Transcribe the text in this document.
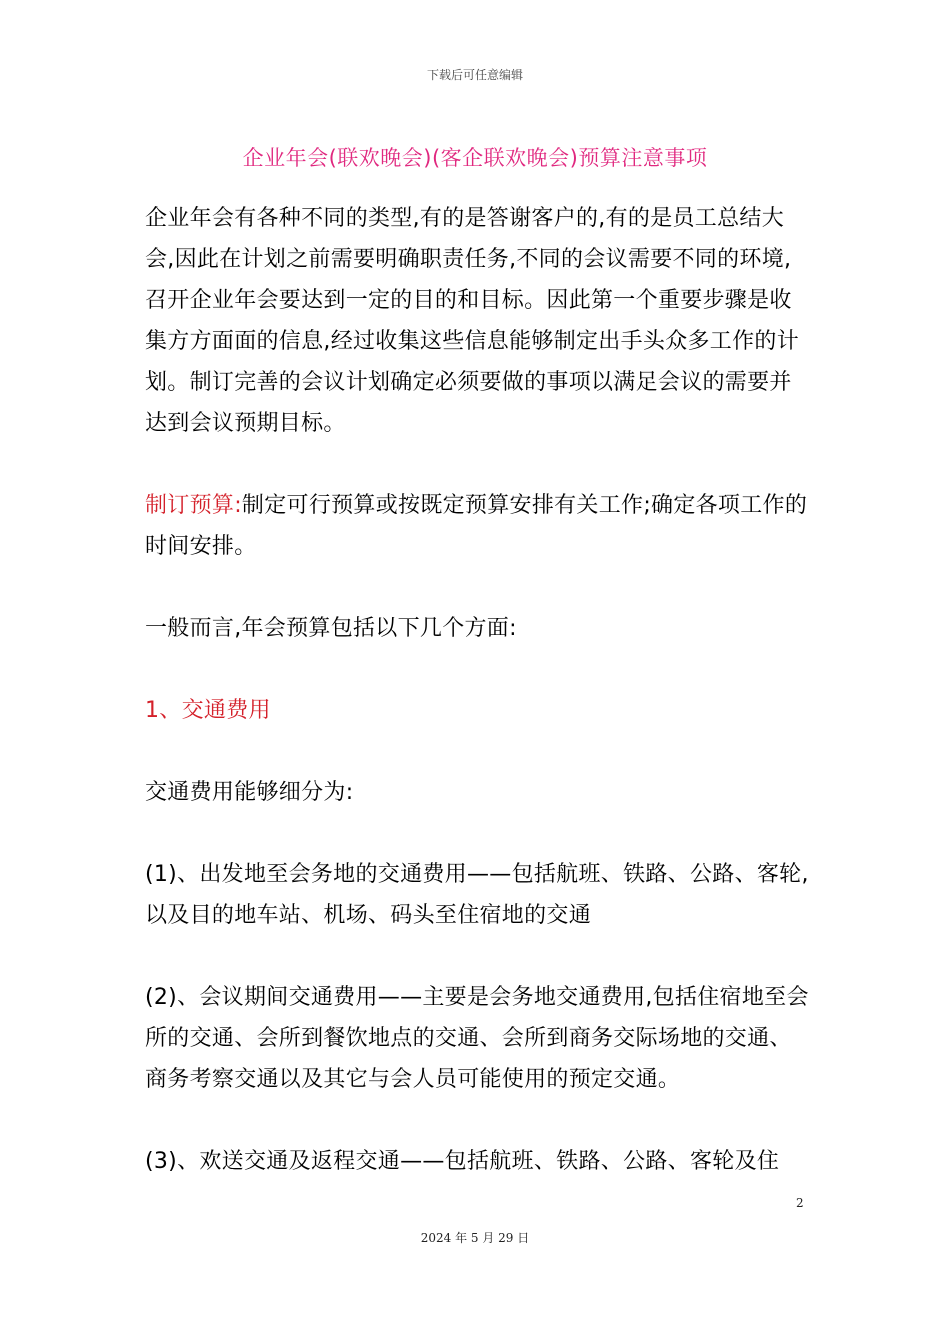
下载后可任意编辑
企业年会(联欢晚会)(客企联欢晚会)预算注意事项

企业年会有各种不同的类型,有的是答谢客户的,有的是员工总结大会,因此在计划之前需要明确职责任务,不同的会议需要不同的环境,召开企业年会要达到一定的目的和目标。因此第一个重要步骤是收集方方面面的信息,经过收集这些信息能够制定出手头众多工作的计划。制订完善的会议计划确定必须要做的事项以满足会议的需要并达到会议预期目标。

制订预算:制定可行预算或按既定预算安排有关工作;确定各项工作的时间安排。

一般而言,年会预算包括以下几个方面:

1、交通费用

交通费用能够细分为:

(1)、出发地至会务地的交通费用——包括航班、铁路、公路、客轮,以及目的地车站、机场、码头至住宿地的交通

(2)、会议期间交通费用——主要是会务地交通费用,包括住宿地至会所的交通、会所到餐饮地点的交通、会所到商务交际场地的交通、商务考察交通以及其它与会人员可能使用的预定交通。

(3)、欢送交通及返程交通——包括航班、铁路、公路、客轮及住

2
2024 年 5 月 29 日
